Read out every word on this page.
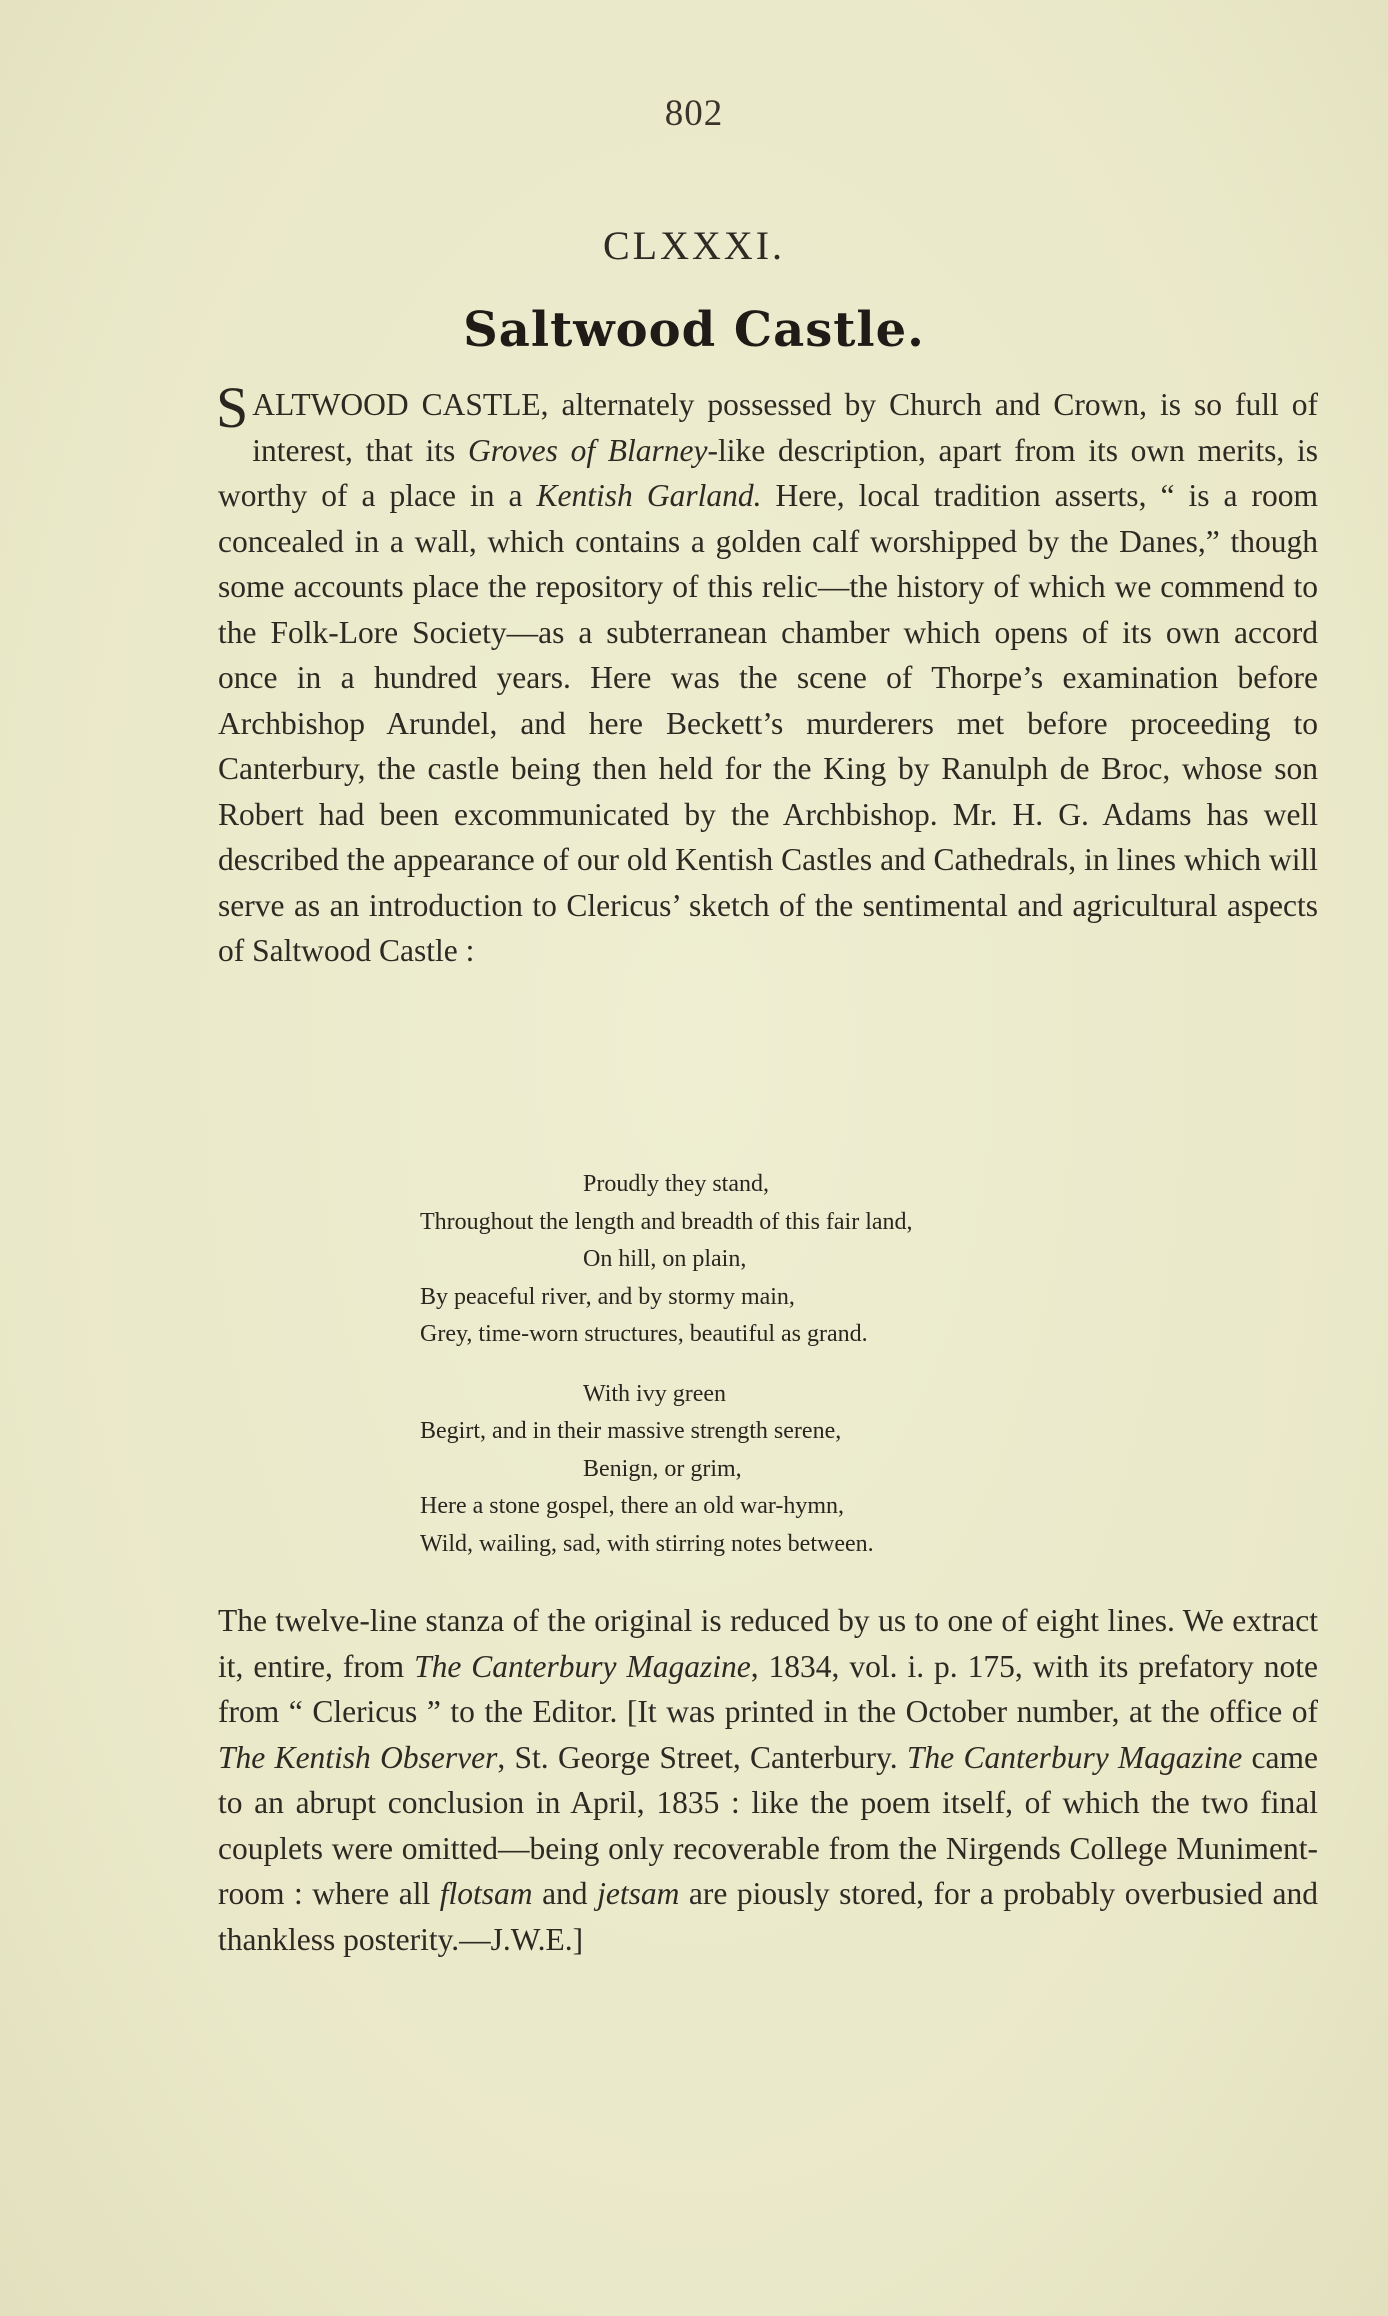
802
CLXXXI.
Saltwood Castle.

SALTWOOD CASTLE, alternately possessed by Church and Crown, is so full of interest, that its Groves of Blarney-like description, apart from its own merits, is worthy of a place in a Kentish Garland. Here, local tradition asserts, “ is a room concealed in a wall, which contains a golden calf worshipped by the Danes,” though some accounts place the repository of this relic—the history of which we commend to the Folk-Lore Society—as a subterranean chamber which opens of its own accord once in a hundred years. Here was the scene of Thorpe’s examination before Archbishop Arundel, and here Beckett’s murderers met before proceeding to Canterbury, the castle being then held for the King by Ranulph de Broc, whose son Robert had been excommunicated by the Archbishop. Mr. H. G. Adams has well described the appearance of our old Kentish Castles and Cathedrals, in lines which will serve as an introduction to Clericus’ sketch of the sentimental and agricultural aspects of Saltwood Castle :

Proudly they stand,
Throughout the length and breadth of this fair land,
On hill, on plain,
By peaceful river, and by stormy main,
Grey, time-worn structures, beautiful as grand.
With ivy green
Begirt, and in their massive strength serene,
Benign, or grim,
Here a stone gospel, there an old war-hymn,
Wild, wailing, sad, with stirring notes between.

The twelve-line stanza of the original is reduced by us to one of eight lines. We extract it, entire, from The Canterbury Magazine, 1834, vol. i. p. 175, with its prefatory note from “ Clericus ” to the Editor. [It was printed in the October number, at the office of The Kentish Observer, St. George Street, Canterbury. The Canterbury Magazine came to an abrupt conclusion in April, 1835 : like the poem itself, of which the two final couplets were omitted—being only recoverable from the Nirgends College Muniment-room : where all flotsam and jetsam are piously stored, for a probably overbusied and thankless posterity.—J.W.E.]
